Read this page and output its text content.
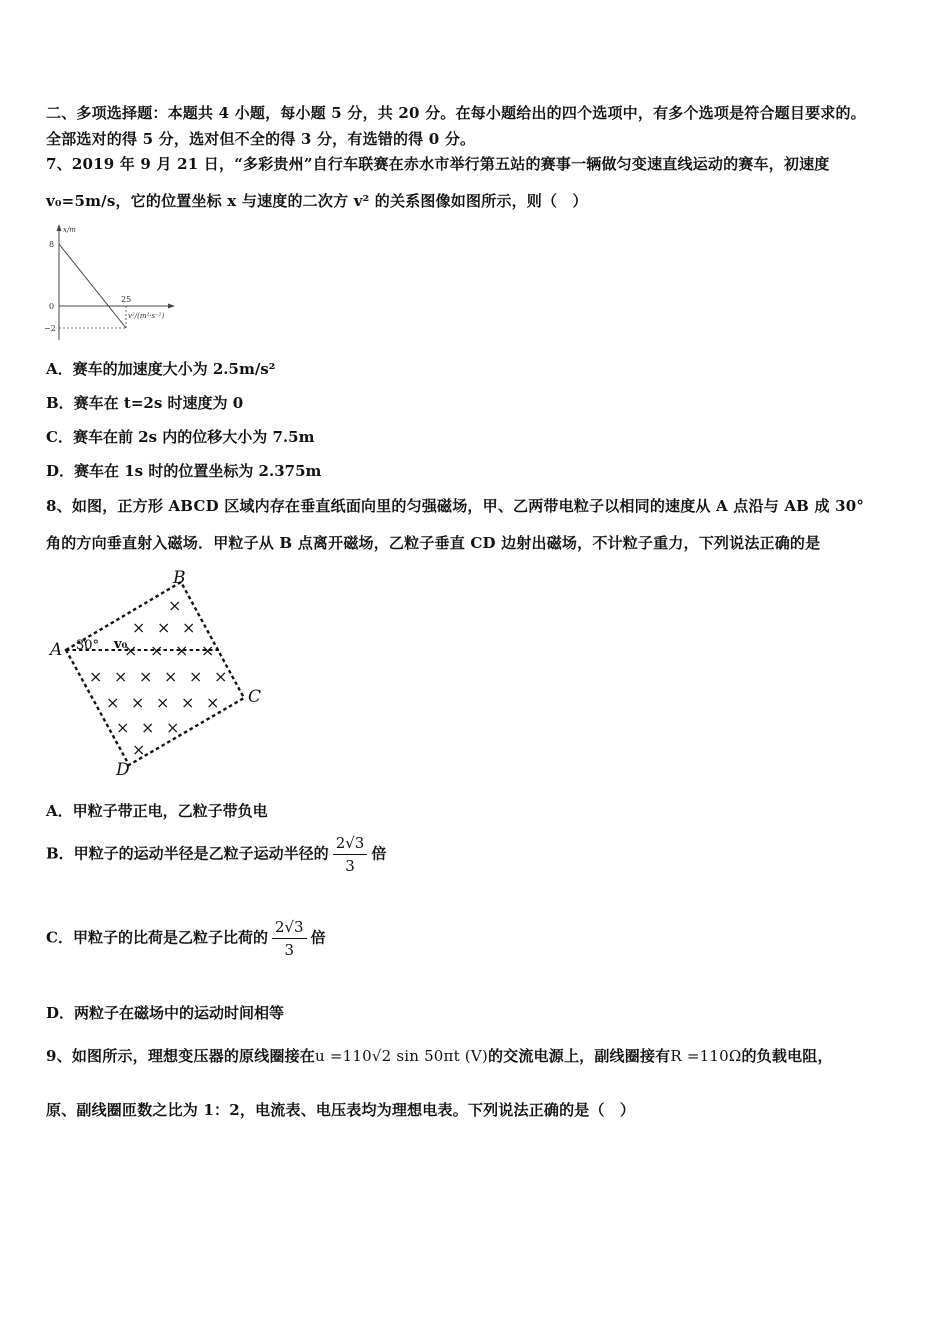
二、多项选择题：本题共 4 小题，每小题 5 分，共 20 分。在每小题给出的四个选项中，有多个选项是符合题目要求的。
全部选对的得 5 分，选对但不全的得 3 分，有选错的得 0 分。
7、2019 年 9 月 21 日，“多彩贵州”自行车联赛在赤水市举行第五站的赛事一辆做匀变速直线运动的赛车，初速度
v₀=5m/s，它的位置坐标 x 与速度的二次方 v² 的关系图像如图所示，则（　）
x/m
8
0
−2
25
v²/(m²·s⁻²)
A．赛车的加速度大小为 2.5m/s²
B．赛车在 t=2s 时速度为 0
C．赛车在前 2s 内的位移大小为 7.5m
D．赛车在 1s 时的位置坐标为 2.375m
8、如图，正方形 ABCD 区域内存在垂直纸面向里的匀强磁场，甲、乙两带电粒子以相同的速度从 A 点沿与 AB 成 30°
角的方向垂直射入磁场．甲粒子从 B 点离开磁场，乙粒子垂直 CD 边射出磁场，不计粒子重力，下列说法正确的是
A
B
C
D
30° v₀
×
× × ×
× × × ×
× × × × × ×
× × × × ×
× × ×
×
A．甲粒子带正电，乙粒子带负电
B．甲粒子的运动半径是乙粒子运动半径的 $\frac{2√3}{3}$ 倍
C．甲粒子的比荷是乙粒子比荷的 $\frac{2√3}{3}$ 倍
D．两粒子在磁场中的运动时间相等
9、如图所示，理想变压器的原线圈接在u =110√2 sin 50πt (V)的交流电源上，副线圈接有R =110Ω的负载电阻，
原、副线圈匝数之比为 1：2，电流表、电压表均为理想电表。下列说法正确的是（　）
